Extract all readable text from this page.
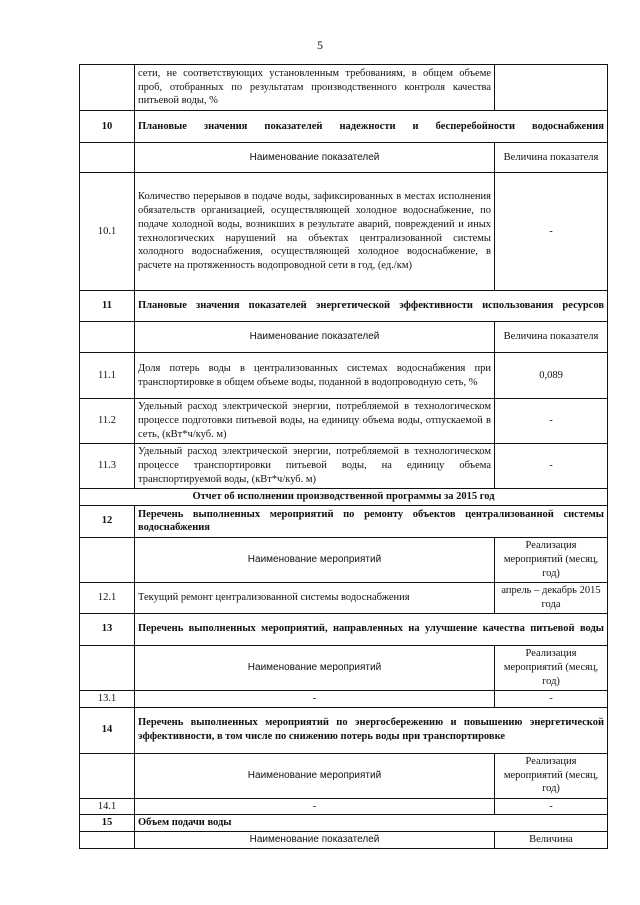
5
	сети, не соответствующих установленным требованиям, в общем объеме проб, отобранных по результатам производственного контроля качества питьевой воды, %	
10	Плановые значения показателей надежности и бесперебойности водоснабжения	
	Наименование показателей	Величина показателя
10.1	Количество перерывов в подаче воды, зафиксированных в местах исполнения обязательств организацией, осуществляющей холодное водоснабжение, по подаче холодной воды, возникших в результате аварий, повреждений и иных технологических нарушений на объектах централизованной системы холодного водоснабжения, осуществляющей холодное водоснабжение, в расчете на протяженность водопроводной сети в год, (ед./км)	-
11	Плановые значения показателей энергетической эффективности использования ресурсов	
	Наименование показателей	Величина показателя
11.1	Доля потерь воды в централизованных системах водоснабжения при транспортировке в общем объеме воды, поданной в водопроводную сеть, %	0,089
11.2	Удельный расход электрической энергии, потребляемой в технологическом процессе подготовки питьевой воды, на единицу объема воды, отпускаемой в сеть, (кВт*ч/куб. м)	-
11.3	Удельный расход электрической энергии, потребляемой в технологическом процессе транспортировки питьевой воды, на единицу объема транспортируемой воды, (кВт*ч/куб. м)	-
Отчет об исполнении производственной программы за 2015 год		
12	Перечень выполненных мероприятий по ремонту объектов централизованной системы водоснабжения	
	Наименование мероприятий	Реализация мероприятий (месяц, год)
12.1	Текущий ремонт централизованной системы водоснабжения	апрель – декабрь 2015 года
13	Перечень выполненных мероприятий, направленных на улучшение качества питьевой воды	
	Наименование мероприятий	Реализация мероприятий (месяц, год)
13.1	-	-
14	Перечень выполненных мероприятий по энергосбережению и повышению энергетической эффективности, в том числе по снижению потерь воды при транспортировке	
	Наименование мероприятий	Реализация мероприятий (месяц, год)
14.1	-	-
15	Объем подачи воды	
	Наименование показателей	Величина
